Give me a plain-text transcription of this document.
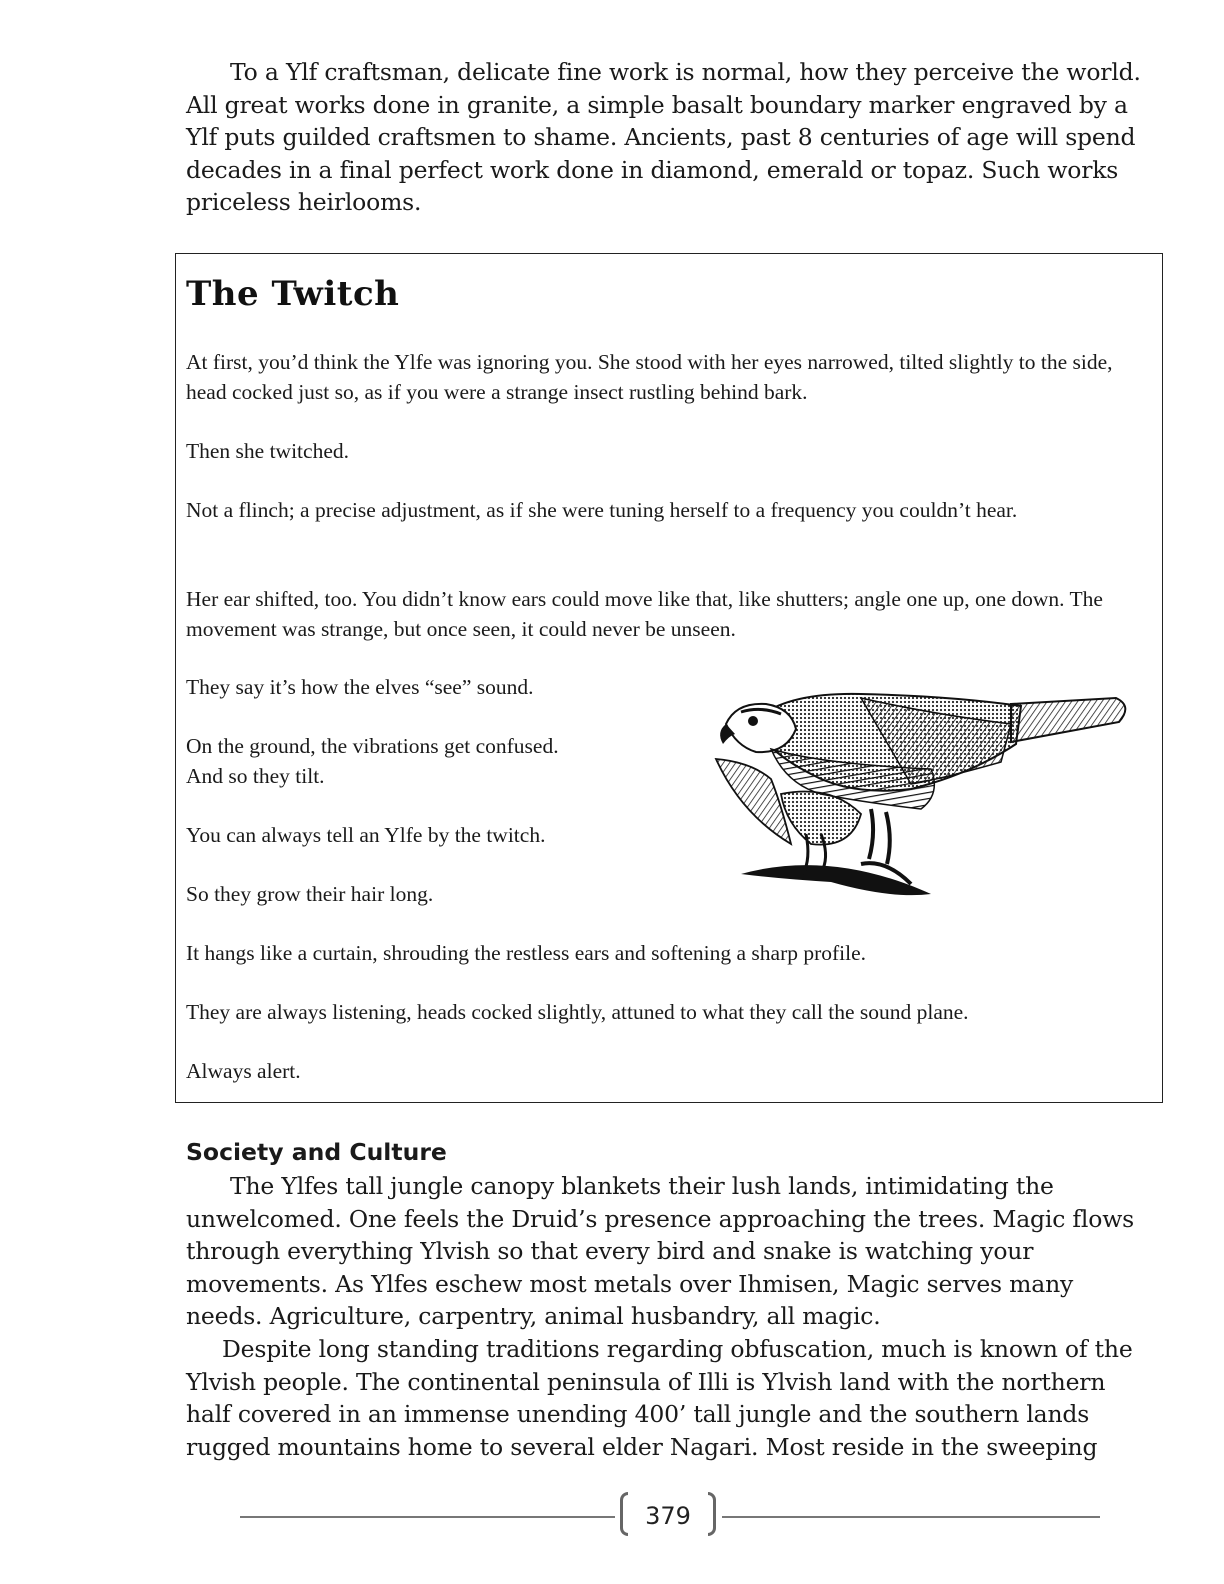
To a Ylf craftsman, delicate fine work is normal, how they perceive the world. All great works done in granite, a simple basalt boundary marker engraved by a Ylf puts guilded craftsmen to shame. Ancients, past 8 centuries of age will spend decades in a final perfect work done in diamond, emerald or topaz. Such works priceless heirlooms.

The Twitch

At first, you’d think the Ylfe was ignoring you. She stood with her eyes narrowed, tilted slightly to the side, head cocked just so, as if you were a strange insect rustling behind bark.

Then she twitched.

Not a flinch; a precise adjustment, as if she were tuning herself to a frequency you couldn’t hear.

Her ear shifted, too. You didn’t know ears could move like that, like shutters; angle one up, one down. The movement was strange, but once seen, it could never be unseen.

They say it’s how the elves “see” sound.

On the ground, the vibrations get confused.

And so they tilt.

You can always tell an Ylfe by the twitch.

So they grow their hair long.

It hangs like a curtain, shrouding the restless ears and softening a sharp profile.

They are always listening, heads cocked slightly, attuned to what they call the sound plane.

Always alert.

Society and Culture

The Ylfes tall jungle canopy blankets their lush lands, intimidating the unwelcomed. One feels the Druid’s presence approaching the trees. Magic flows through everything Ylvish so that every bird and snake is watching your movements. As Ylfes eschew most metals over Ihmisen, Magic serves many needs. Agriculture, carpentry, animal husbandry, all magic.

Despite long standing traditions regarding obfuscation, much is known of the Ylvish people. The continental peninsula of Illi is Ylvish land with the northern half covered in an immense unending 400’ tall jungle and the southern lands rugged mountains home to several elder Nagari. Most reside in the sweeping

379
